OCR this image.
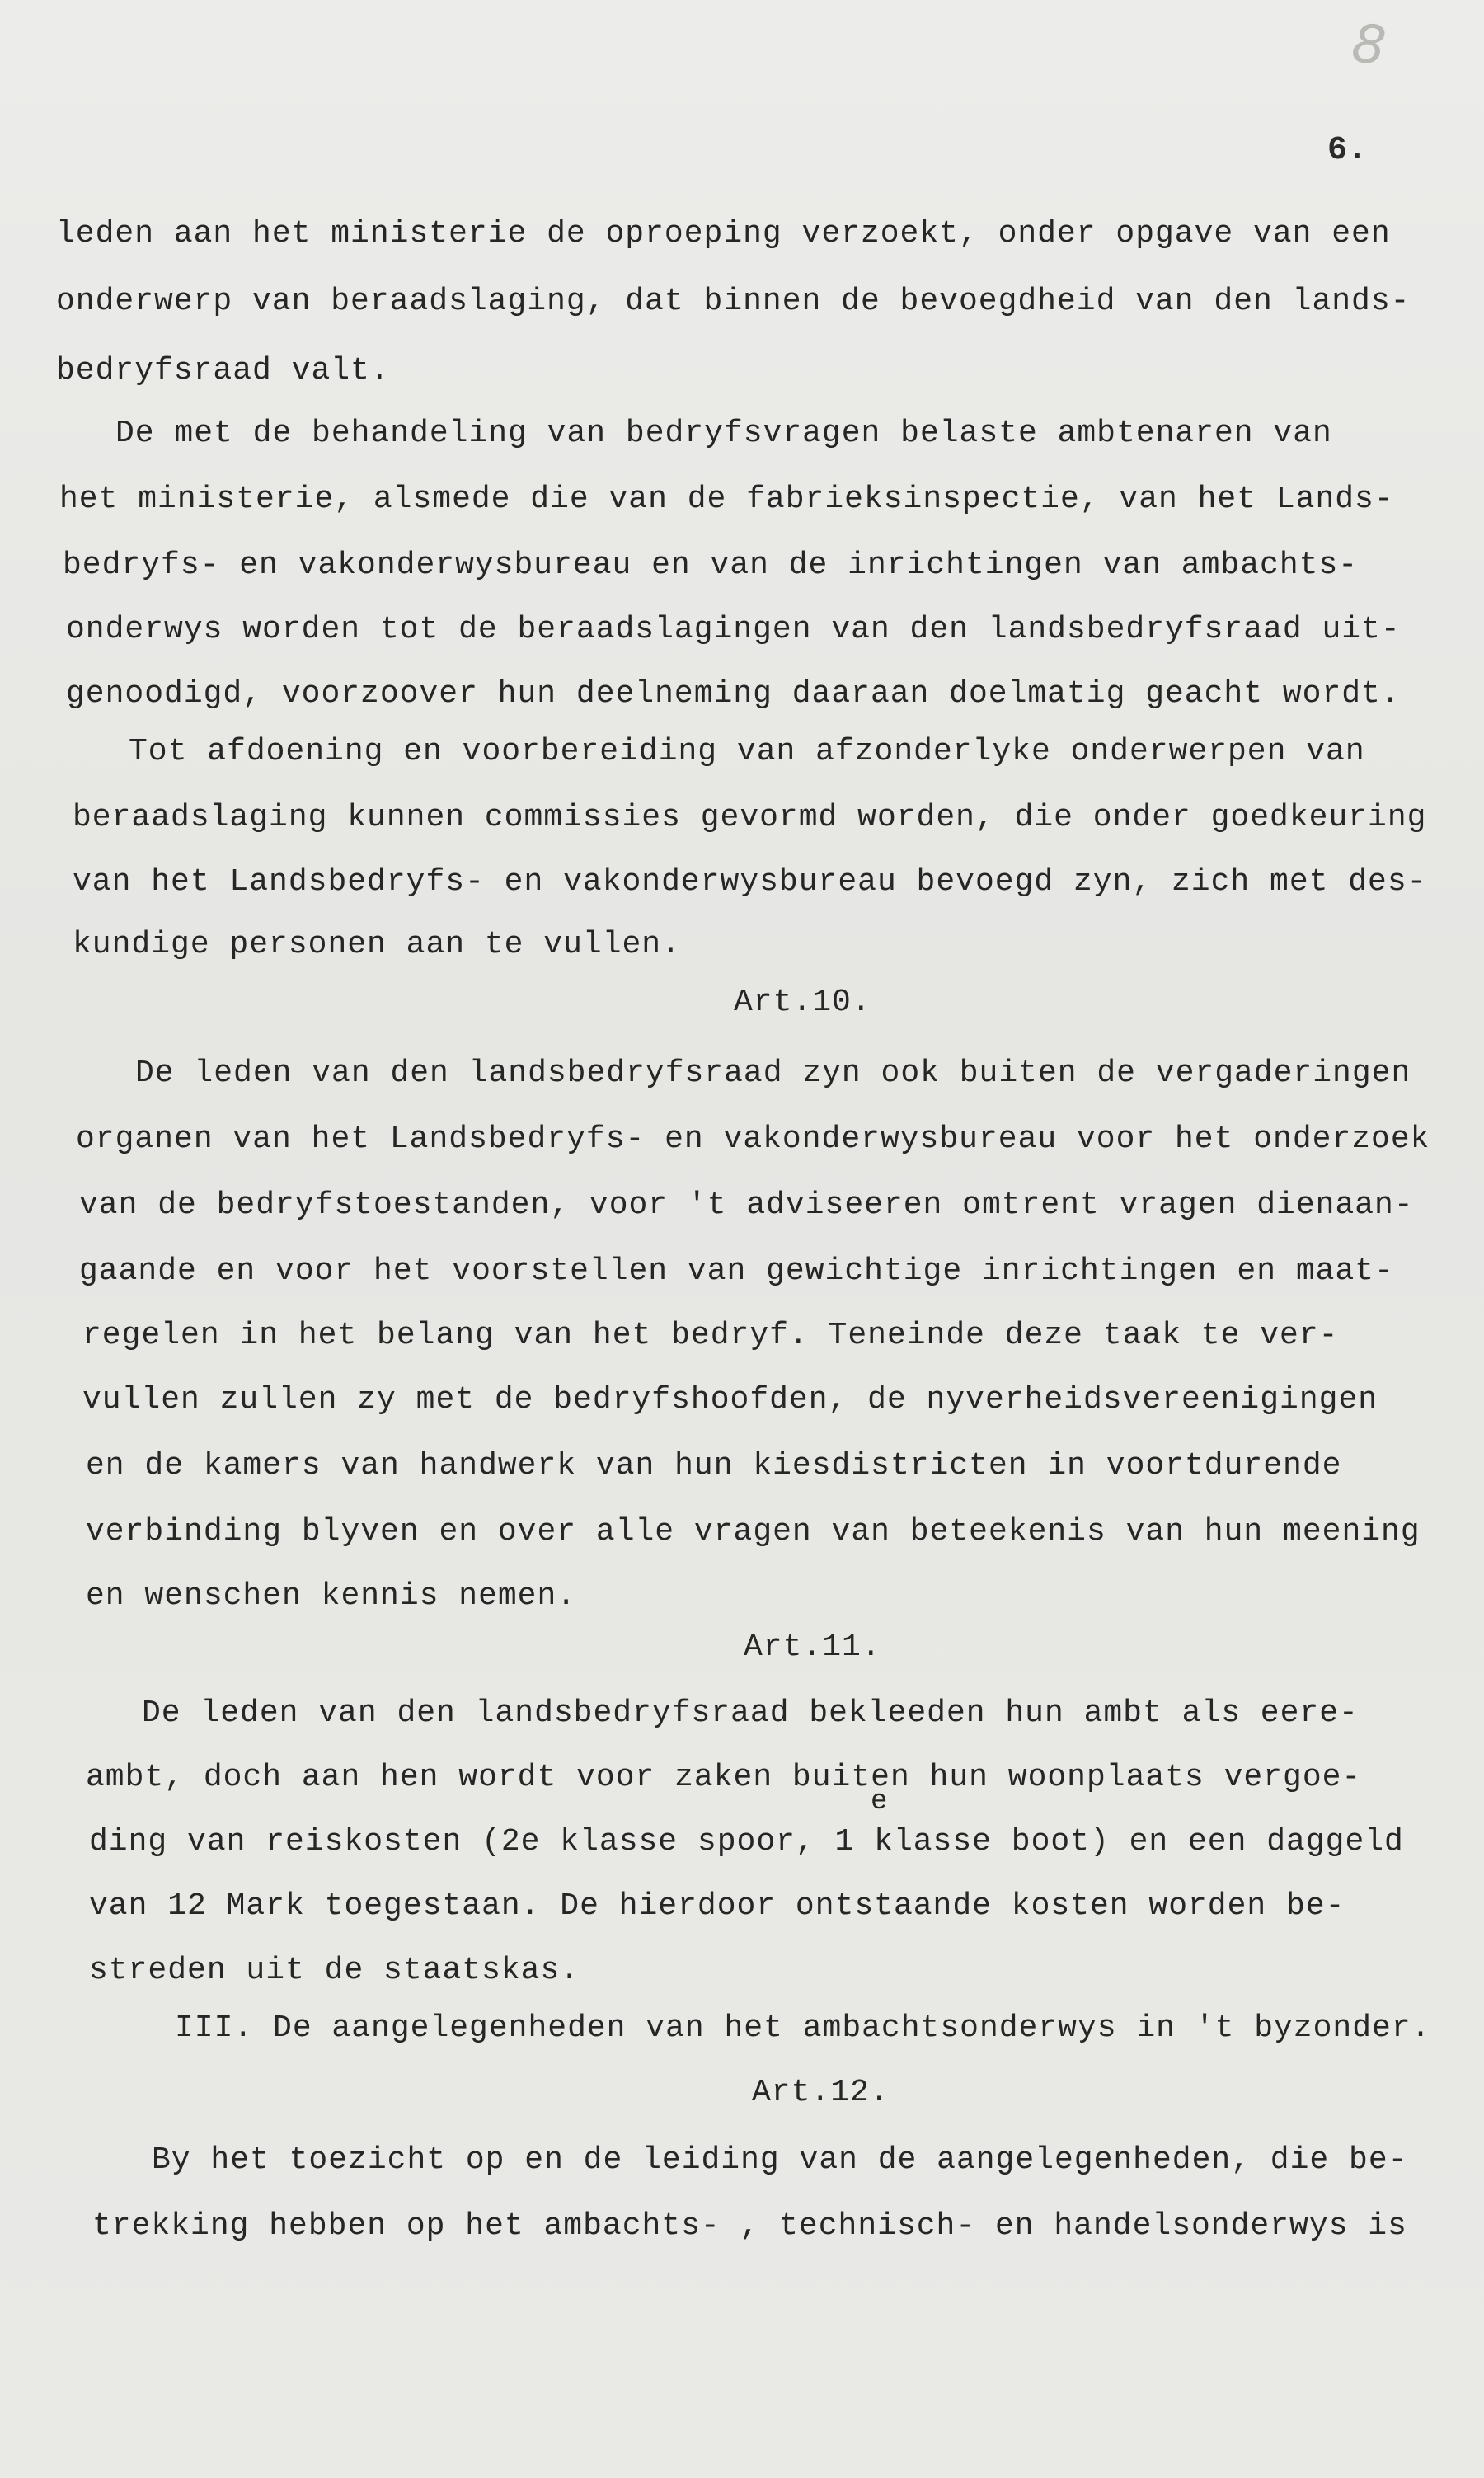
8
6.
leden aan het ministerie de oproeping verzoekt, onder opgave van een
onderwerp van beraadslaging, dat binnen de bevoegdheid van den lands-
bedryfsraad valt.
De met de behandeling van bedryfsvragen belaste ambtenaren van
het ministerie, alsmede die van de fabrieksinspectie, van het Lands-
bedryfs- en vakonderwysbureau en van de inrichtingen van ambachts-
onderwys worden tot de beraadslagingen van den landsbedryfsraad uit-
genoodigd, voorzoover hun deelneming daaraan doelmatig geacht wordt.
Tot afdoening en voorbereiding van afzonderlyke onderwerpen van
beraadslaging kunnen commissies gevormd worden, die onder goedkeuring
van het Landsbedryfs- en vakonderwysbureau bevoegd zyn, zich met des-
kundige personen aan te vullen.
Art.10.
De leden van den landsbedryfsraad zyn ook buiten de vergaderingen
organen van het Landsbedryfs- en vakonderwysbureau voor het onderzoek
van de bedryfstoestanden, voor 't adviseeren omtrent vragen dienaan-
gaande en voor het voorstellen van gewichtige inrichtingen en maat-
regelen in het belang van het bedryf. Teneinde deze taak te ver-
vullen zullen zy met de bedryfshoofden, de nyverheidsvereenigingen
en de kamers van handwerk van hun kiesdistricten in voortdurende
verbinding blyven en over alle vragen van beteekenis van hun meening
en wenschen kennis nemen.
Art.11.
De leden van den landsbedryfsraad bekleeden hun ambt als eere-
ambt, doch aan hen wordt voor zaken buiten hun woonplaats vergoe-
e
ding van reiskosten (2e klasse spoor, 1 klasse boot) en een daggeld
van 12 Mark toegestaan. De hierdoor ontstaande kosten worden be-
streden uit de staatskas.
III. De aangelegenheden van het ambachtsonderwys in 't byzonder.
Art.12.
By het toezicht op en de leiding van de aangelegenheden, die be-
trekking hebben op het ambachts- , technisch- en handelsonderwys is
